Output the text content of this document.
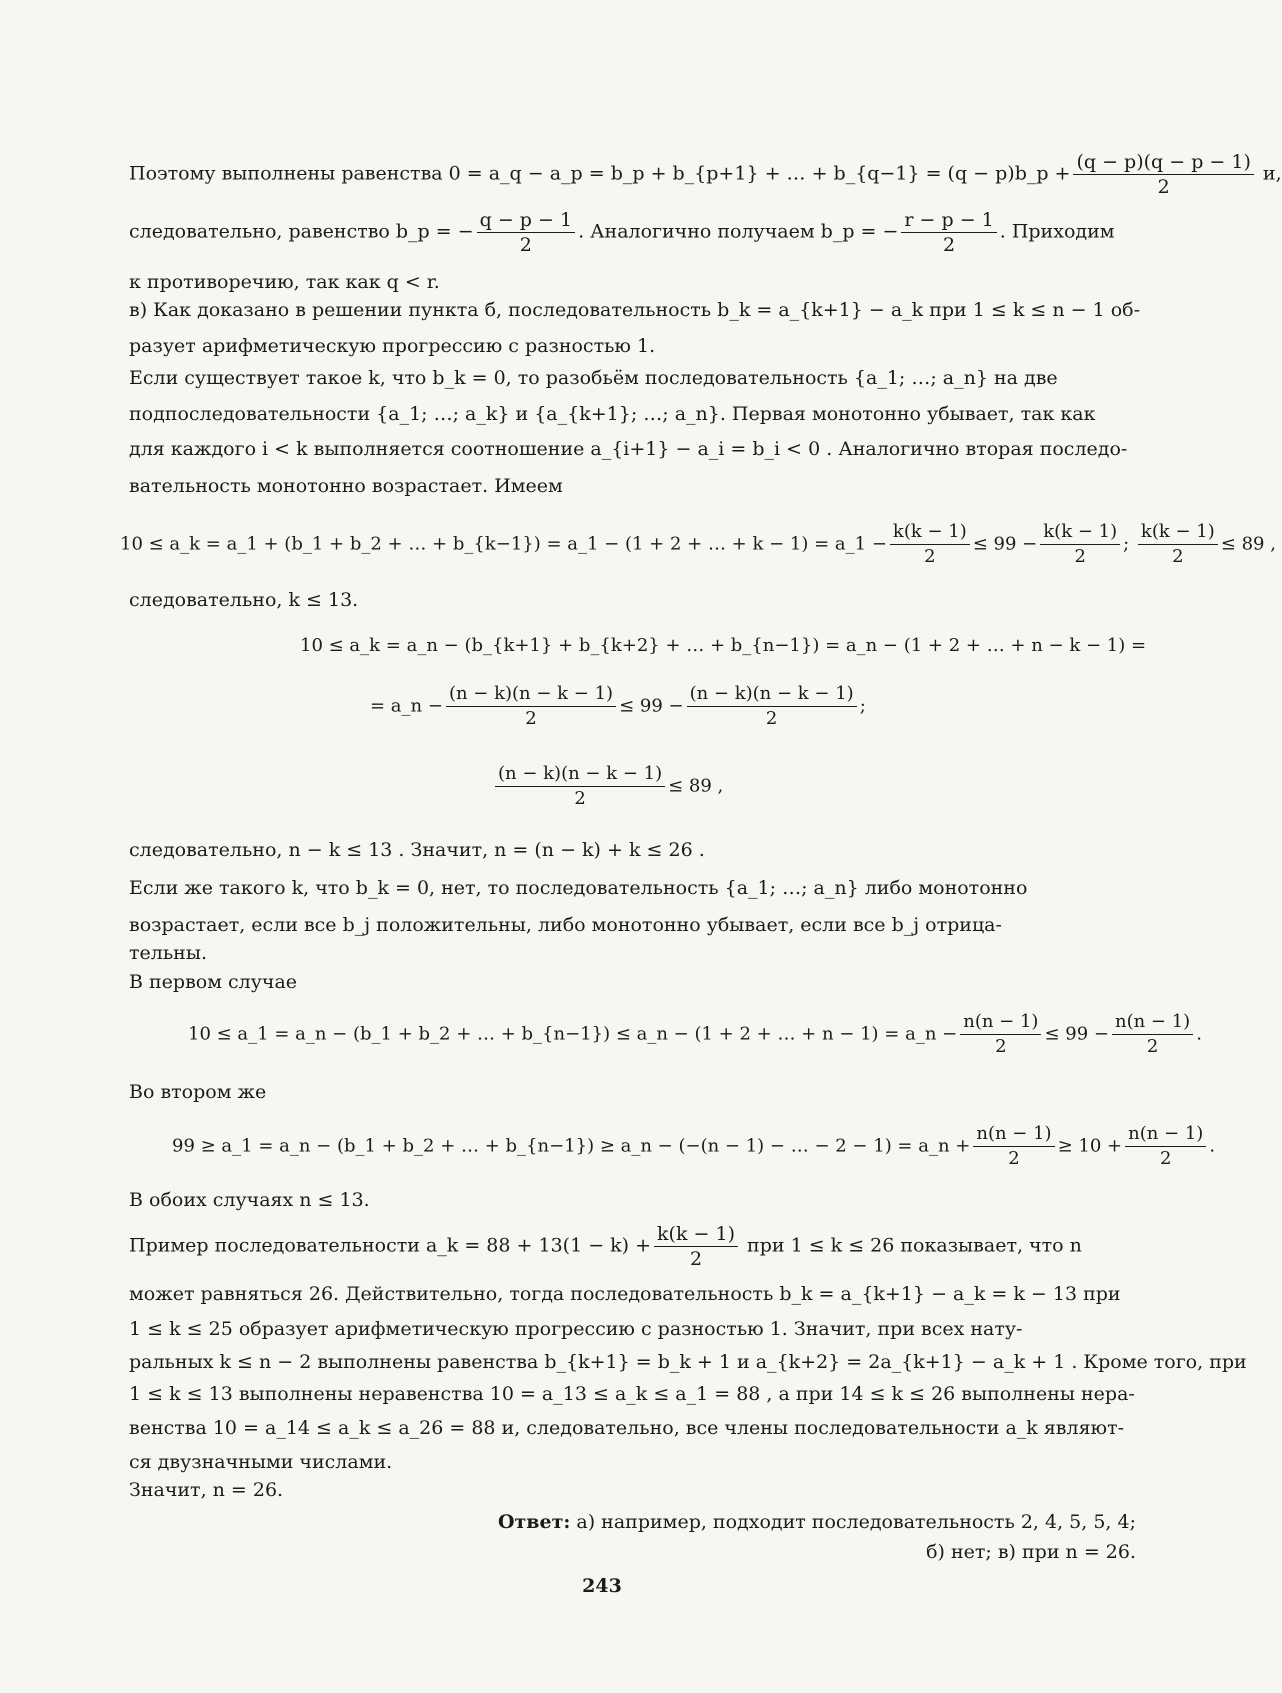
Поэтому выполнены равенства 0 = a_q − a_p = b_p + b_{p+1} + … + b_{q−1} = (q − p)b_p + $\frac{(q - p)(q - p - 1)}{2} и$,
следовательно, равенство b_p = − $\frac{q - p - 1}{2}$ . Аналогично получаем b_p = − $\frac{r - p - 1}{2}$ . Приходим
к противоречию, так как q < r.
в) Как доказано в решении пункта б, последовательность b_k = a_{k+1} − a_k при 1 ≤ k ≤ n − 1 об-
разует арифметическую прогрессию с разностью 1.
Если существует такое k, что b_k = 0, то разобьём последовательность {a_1; …; a_n} на две
подпоследовательности {a_1; …; a_k} и {a_{k+1}; …; a_n}. Первая монотонно убывает, так как
для каждого i < k выполняется соотношение a_{i+1} − a_i = b_i < 0 . Аналогично вторая последо-
вательность монотонно возрастает. Имеем
10 ≤ a_k = a_1 + (b_1 + b_2 + … + b_{k−1}) = a_1 − (1 + 2 + … + k − 1) = a_1 − $\frac{k(k - 1)}{2} \le 99 - \frac{k(k - 1)}{2}$ ; $\frac{k(k - 1)}{2} \le 89$ ,
следовательно, k ≤ 13.
10 ≤ a_k = a_n − (b_{k+1} + b_{k+2} + … + b_{n−1}) = a_n − (1 + 2 + … + n − k − 1) =
= a_n − $\frac{(n - k)(n - k - 1)}{2} \le 99 - \frac{(n - k)(n - k - 1)}{2}$ ;
$\frac{(n - k)(n - k - 1)}{2} \le 89$ ,
следовательно, n − k ≤ 13 . Значит, n = (n − k) + k ≤ 26 .
Если же такого k, что b_k = 0, нет, то последовательность {a_1; …; a_n} либо монотонно
возрастает, если все b_j положительны, либо монотонно убывает, если все b_j отрица-
тельны.
В первом случае
10 ≤ a_1 = a_n − (b_1 + b_2 + … + b_{n−1}) ≤ a_n − (1 + 2 + … + n − 1) = a_n − $\frac{n(n - 1)}{2} \le 99 - \frac{n(n - 1)}{2}$ .
Во втором же
99 ≥ a_1 = a_n − (b_1 + b_2 + … + b_{n−1}) ≥ a_n − (−(n − 1) − … − 2 − 1) = a_n + $\frac{n(n - 1)}{2} \ge 10 + \frac{n(n - 1)}{2}$ .
В обоих случаях n ≤ 13.
Пример последовательности a_k = $88 + 13(1 - k) + \frac{k(k - 1)}{2}$ при 1 ≤ k ≤ 26 показывает, что n
может равняться 26. Действительно, тогда последовательность b_k = a_{k+1} − a_k = k − 13 при
1 ≤ k ≤ 25 образует арифметическую прогрессию с разностью 1. Значит, при всех нату-
ральных k ≤ n − 2 выполнены равенства b_{k+1} = b_k + 1 и a_{k+2} = 2a_{k+1} − a_k + 1 . Кроме того, при
1 ≤ k ≤ 13 выполнены неравенства 10 = a_13 ≤ a_k ≤ a_1 = 88 , а при 14 ≤ k ≤ 26 выполнены нера-
венства 10 = a_14 ≤ a_k ≤ a_26 = 88 и, следовательно, все члены последовательности a_k являют-
ся двузначными числами.
Значит, n = 26.
Ответ: а) например, подходит последовательность 2, 4, 5, 5, 4;
б) нет; в) при n = 26.
243
